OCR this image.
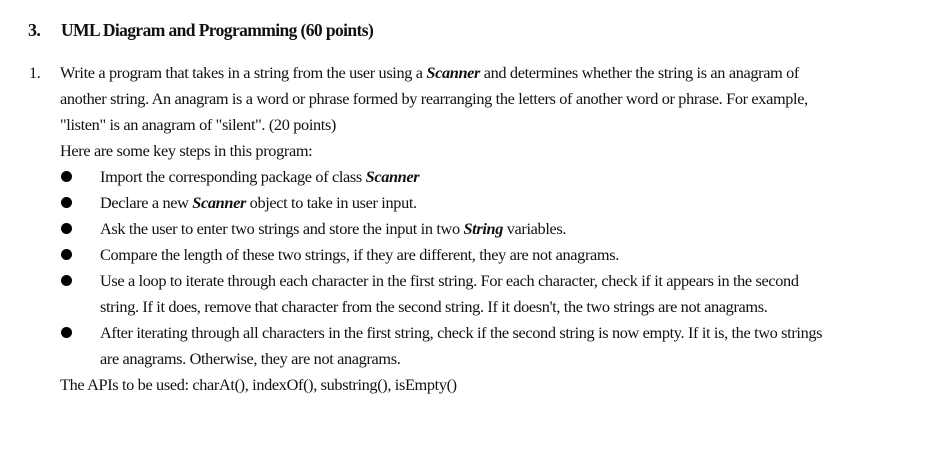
3. UML Diagram and Programming (60 points)
1. Write a program that takes in a string from the user using a Scanner and determines whether the string is an anagram of another string. An anagram is a word or phrase formed by rearranging the letters of another word or phrase. For example, "listen" is an anagram of "silent". (20 points)

Here are some key steps in this program:

Import the corresponding package of class Scanner
Declare a new Scanner object to take in user input.
Ask the user to enter two strings and store the input in two String variables.
Compare the length of these two strings, if they are different, they are not anagrams.
Use a loop to iterate through each character in the first string. For each character, check if it appears in the second string. If it does, remove that character from the second string. If it doesn't, the two strings are not anagrams.
After iterating through all characters in the first string, check if the second string is now empty. If it is, the two strings are anagrams. Otherwise, they are not anagrams.

The APIs to be used: charAt(), indexOf(), substring(), isEmpty()
